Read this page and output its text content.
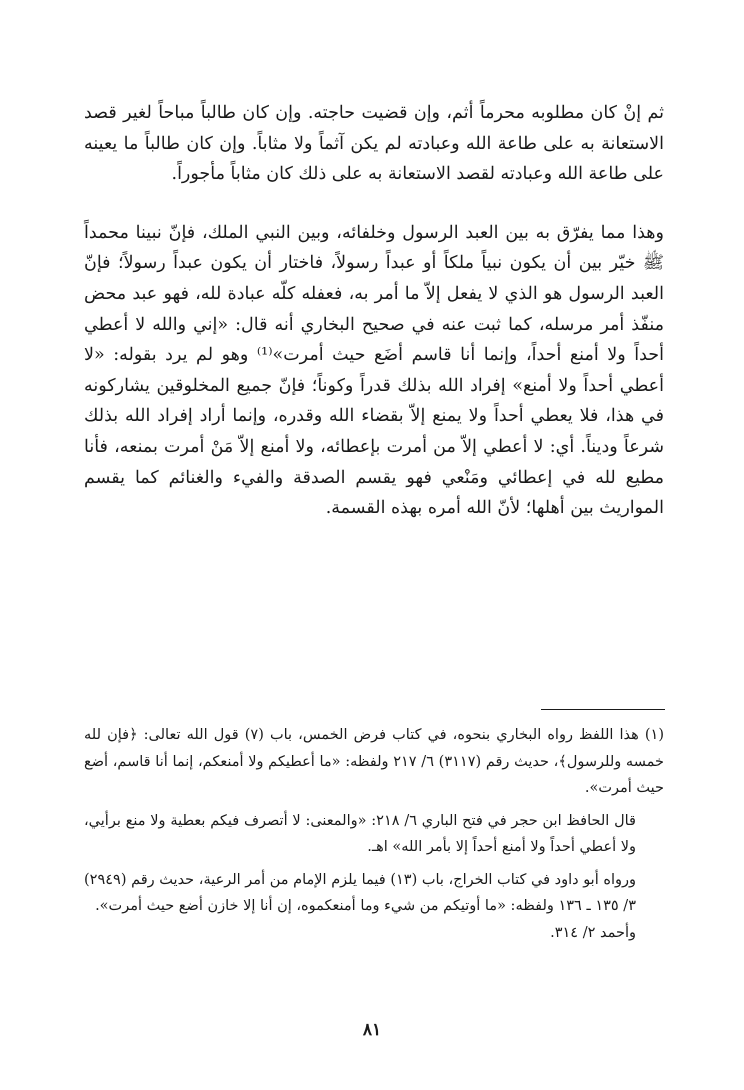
ثم إنْ كان مطلوبه محرماً أثم، وإن قضيت حاجته. وإن كان طالباً مباحاً لغير قصد الاستعانة به على طاعة الله وعبادته لم يكن آثماً ولا مثاباً. وإن كان طالباً ما يعينه على طاعة الله وعبادته لقصد الاستعانة به على ذلك كان مثاباً مأجوراً.

وهذا مما يفرّق به بين العبد الرسول وخلفائه، وبين النبي الملك، فإنّ نبينا محمداً ﷺ خيّر بين أن يكون نبياً ملكاً أو عبداً رسولاً، فاختار أن يكون عبداً رسولاً؛ فإنّ العبد الرسول هو الذي لا يفعل إلاّ ما أمر به، فعفله كلّه عبادة لله، فهو عبد محض منفّذ أمر مرسله، كما ثبت عنه في صحيح البخاري أنه قال: «إني والله لا أعطي أحداً ولا أمنع أحداً، وإنما أنا قاسم أضَع حيث أمرت»⁽¹⁾ وهو لم يرد بقوله: «لا أعطي أحداً ولا أمنع» إفراد الله بذلك قدراً وكوناً؛ فإنّ جميع المخلوقين يشاركونه في هذا، فلا يعطي أحداً ولا يمنع إلاّ بقضاء الله وقدره، وإنما أراد إفراد الله بذلك شرعاً وديناً. أي: لا أعطي إلاّ من أمرت بإعطائه، ولا أمنع إلاّ مَنْ أمرت بمنعه، فأنا مطيع لله في إعطائي ومَنْعي فهو يقسم الصدقة والفيء والغنائم كما يقسم المواريث بين أهلها؛ لأنّ الله أمره بهذه القسمة.

(١) هذا اللفظ رواه البخاري بنحوه، في كتاب فرض الخمس، باب (٧) قول الله تعالى: ﴿فإن لله خمسه وللرسول﴾، حديث رقم (٣١١٧) ٦/ ٢١٧ ولفظه: «ما أعطيكم ولا أمنعكم، إنما أنا قاسم، أضع حيث أمرت».

قال الحافظ ابن حجر في فتح الباري ٦/ ٢١٨: «والمعنى: لا أتصرف فيكم بعطية ولا منع برأيي، ولا أعطي أحداً ولا أمنع أحداً إلا بأمر الله» اهـ.

ورواه أبو داود في كتاب الخراج، باب (١٣) فيما يلزم الإمام من أمر الرعية، حديث رقم (٢٩٤٩) ٣/ ١٣٥ ـ ١٣٦ ولفظه: «ما أوتيكم من شيء وما أمنعكموه، إن أنا إلا خازن أضع حيث أمرت».

وأحمد ٢/ ٣١٤.

٨١
